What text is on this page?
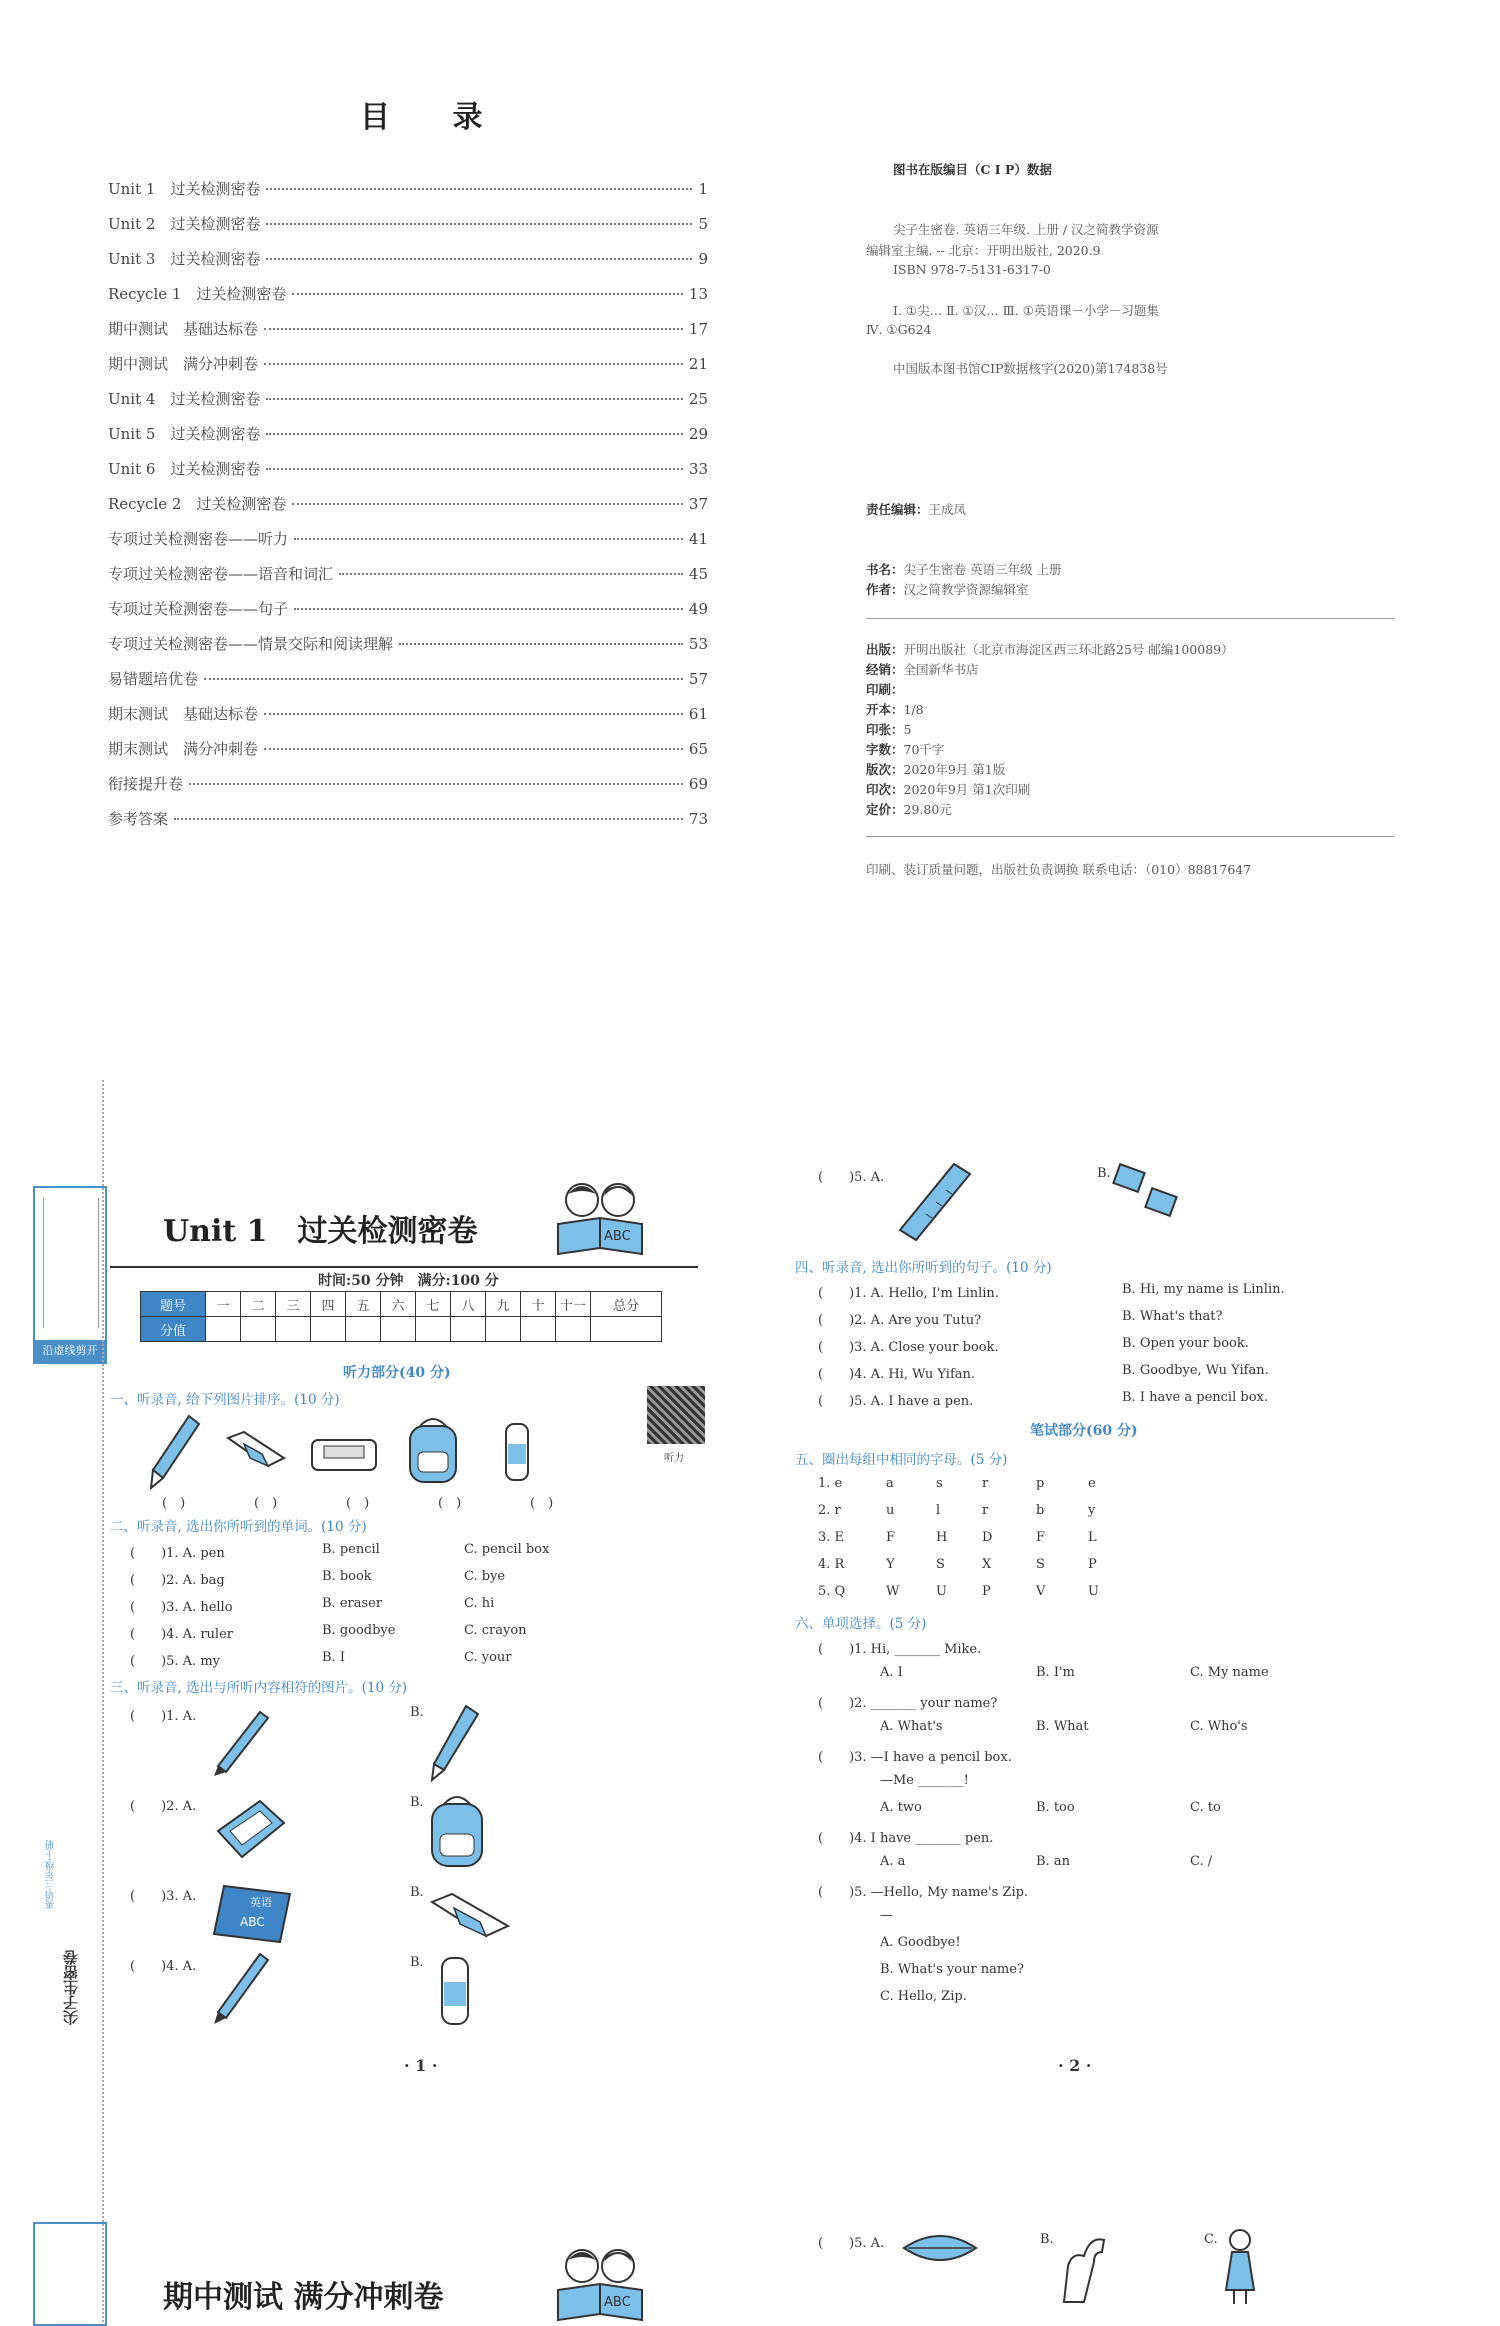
目 录
Unit 1　过关检测密卷	1
Unit 2　过关检测密卷	5
Unit 3　过关检测密卷	9
Recycle 1　过关检测密卷	13
期中测试　基础达标卷	17
期中测试　满分冲刺卷	21
Unit 4　过关检测密卷	25
Unit 5　过关检测密卷	29
Unit 6　过关检测密卷	33
Recycle 2　过关检测密卷	37
专项过关检测密卷——听力	41
专项过关检测密卷——语音和词汇	45
专项过关检测密卷——句子	49
专项过关检测密卷——情景交际和阅读理解	53
易错题培优卷	57
期末测试　基础达标卷	61
期末测试　满分冲刺卷	65
衔接提升卷	69
参考答案	73
图书在版编目（C I P）数据
尖子生密卷. 英语三年级. 上册 / 汉之简教学资源
编辑室主编. -- 北京：开明出版社, 2020.9
ISBN 978-7-5131-6317-0
Ⅰ. ①尖… Ⅱ. ①汉… Ⅲ. ①英语课－小学－习题集
Ⅳ. ①G624
中国版本图书馆CIP数据核字(2020)第174838号
责任编辑：王成凤
书名：尖子生密卷 英语三年级 上册
作者：汉之简教学资源编辑室
出版：开明出版社（北京市海淀区西三环北路25号 邮编100089）
经销：全国新华书店
印刷：
开本：1/8
印张：5
字数：70千字
版次：2020年9月 第1版
印次：2020年9月 第1次印刷
定价：29.80元
印刷、装订质量问题，出版社负责调换 联系电话：（010）88817647
沿虚线剪开
尖子生密卷
英语·三年级·上册
Unit 1　过关检测密卷	ABC
时间:50 分钟　满分:100 分
题号	一	二	三	四	五	六	七	八	九	十	十一	总分
分值												
听力部分(40 分)
听力
一、听录音, 给下列图片排序。(10 分)
(　)	(　)	(　)	(　)	(　)
二、听录音, 选出你所听到的单词。(10 分)
(　　)1. A. pen	B. pencil	C. pencil box
(　　)2. A. bag	B. book	C. bye
(　　)3. A. hello	B. eraser	C. hi
(　　)4. A. ruler	B. goodbye	C. crayon
(　　)5. A. my	B. I	C. your
三、听录音, 选出与所听内容相符的图片。(10 分)
(　　)1. A.	B.
(　　)2. A.	B.
(　　)3. A.	B.
(　　)4. A.	B.
英语
ABC
· 1 ·
(　　)5. A.	B.
四、听录音, 选出你所听到的句子。(10 分)
(　　)1. A. Hello, I'm Linlin.	B. Hi, my name is Linlin.
(　　)2. A. Are you Tutu?	B. What's that?
(　　)3. A. Close your book.	B. Open your book.
(　　)4. A. Hi, Wu Yifan.	B. Goodbye, Wu Yifan.
(　　)5. A. I have a pen.	B. I have a pencil box.
笔试部分(60 分)
五、圈出每组中相同的字母。(5 分)
1. e	a	s	r	p	e
2. r	u	l	r	b	y
3. E	F	H	D	F	L
4. R	Y	S	X	S	P
5. Q	W	U	P	V	U
六、单项选择。(5 分)
(　　)1. Hi, _______ Mike.
A. I	B. I'm	C. My name
(　　)2. _______ your name?
A. What's	B. What	C. Who's
(　　)3. —I have a pencil box.
—Me _______!
A. two	B. too	C. to
(　　)4. I have _______ pen.
A. a	B. an	C. /
(　　)5. —Hello, My name's Zip.
—
A. Goodbye!
B. What's your name?
C. Hello, Zip.
· 2 ·
期中测试 满分冲刺卷	ABC
(　　)5. A.	B.	C.
